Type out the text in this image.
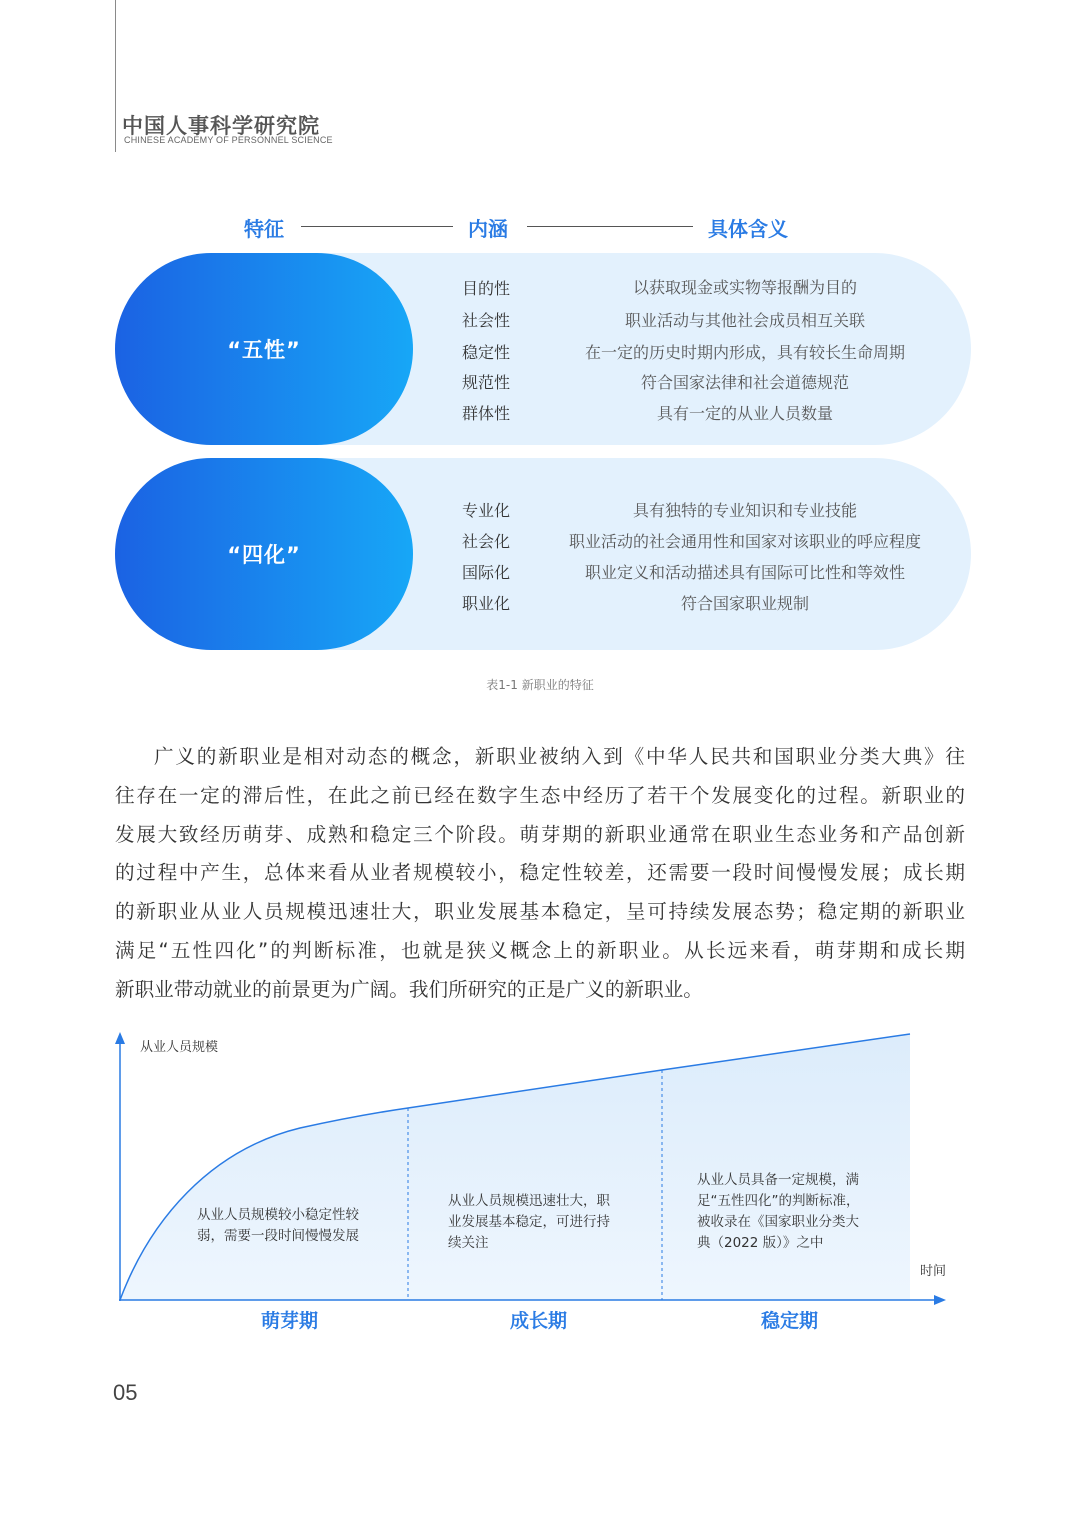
中国人事科学研究院
CHINESE ACADEMY OF PERSONNEL SCIENCE
特征	内涵	具体含义
“五性”
目的性	以获取现金或实物等报酬为目的
社会性	职业活动与其他社会成员相互关联
稳定性	在一定的历史时期内形成，具有较长生命周期
规范性	符合国家法律和社会道德规范
群体性	具有一定的从业人员数量
“四化”
专业化	具有独特的专业知识和专业技能
社会化	职业活动的社会通用性和国家对该职业的呼应程度
国际化	职业定义和活动描述具有国际可比性和等效性
职业化	符合国家职业规制
表1-1 新职业的特征
广义的新职业是相对动态的概念，新职业被纳入到《中华人民共和国职业分类大典》往
往存在一定的滞后性，在此之前已经在数字生态中经历了若干个发展变化的过程。新职业的
发展大致经历萌芽、成熟和稳定三个阶段。萌芽期的新职业通常在职业生态业务和产品创新
的过程中产生，总体来看从业者规模较小，稳定性较差，还需要一段时间慢慢发展；成长期
的新职业从业人员规模迅速壮大，职业发展基本稳定，呈可持续发展态势；稳定期的新职业
满足“五性四化”的判断标准，也就是狭义概念上的新职业。从长远来看，萌芽期和成长期
新职业带动就业的前景更为广阔。我们所研究的正是广义的新职业。
从业人员规模
时间
从业人员规模较小稳定性较
弱，需要一段时间慢慢发展
从业人员规模迅速壮大，职
业发展基本稳定，可进行持
续关注
从业人员具备一定规模，满
足“五性四化”的判断标准，
被收录在《国家职业分类大
典（2022 版）》之中
萌芽期	成长期	稳定期
05
